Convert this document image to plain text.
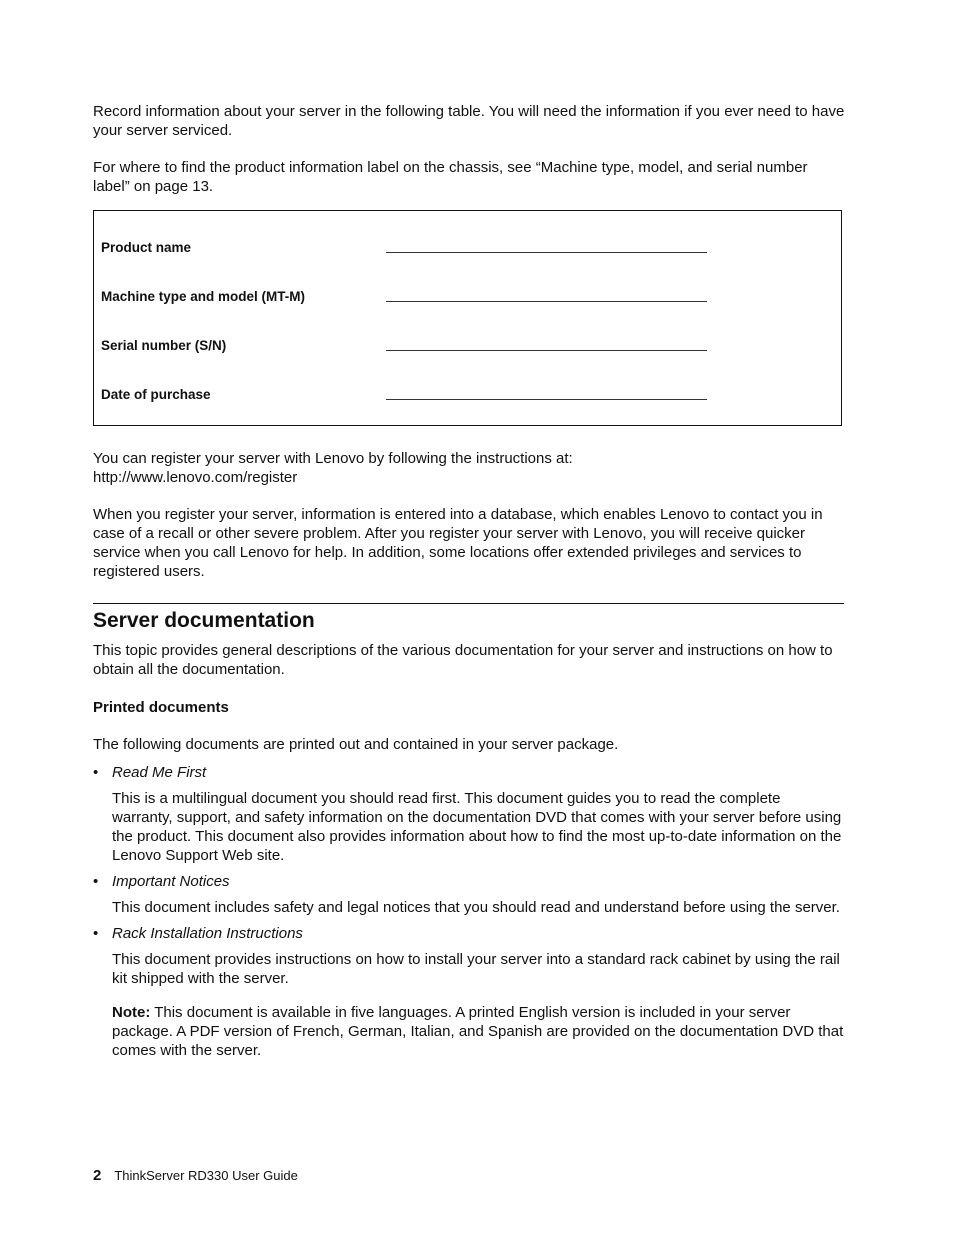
Record information about your server in the following table. You will need the information if you ever need to have your server serviced.

For where to find the product information label on the chassis, see “Machine type, model, and serial number label” on page 13.

Product name
Machine type and model (MT-M)
Serial number (S/N)
Date of purchase

You can register your server with Lenovo by following the instructions at:
http://www.lenovo.com/register

When you register your server, information is entered into a database, which enables Lenovo to contact you in case of a recall or other severe problem. After you register your server with Lenovo, you will receive quicker service when you call Lenovo for help. In addition, some locations offer extended privileges and services to registered users.

Server documentation

This topic provides general descriptions of the various documentation for your server and instructions on how to obtain all the documentation.

Printed documents

The following documents are printed out and contained in your server package.

• Read Me First
This is a multilingual document you should read first. This document guides you to read the complete warranty, support, and safety information on the documentation DVD that comes with your server before using the product. This document also provides information about how to find the most up-to-date information on the Lenovo Support Web site.
• Important Notices
This document includes safety and legal notices that you should read and understand before using the server.
• Rack Installation Instructions
This document provides instructions on how to install your server into a standard rack cabinet by using the rail kit shipped with the server.
Note: This document is available in five languages. A printed English version is included in your server package. A PDF version of French, German, Italian, and Spanish are provided on the documentation DVD that comes with the server.
2 ThinkServer RD330 User Guide
